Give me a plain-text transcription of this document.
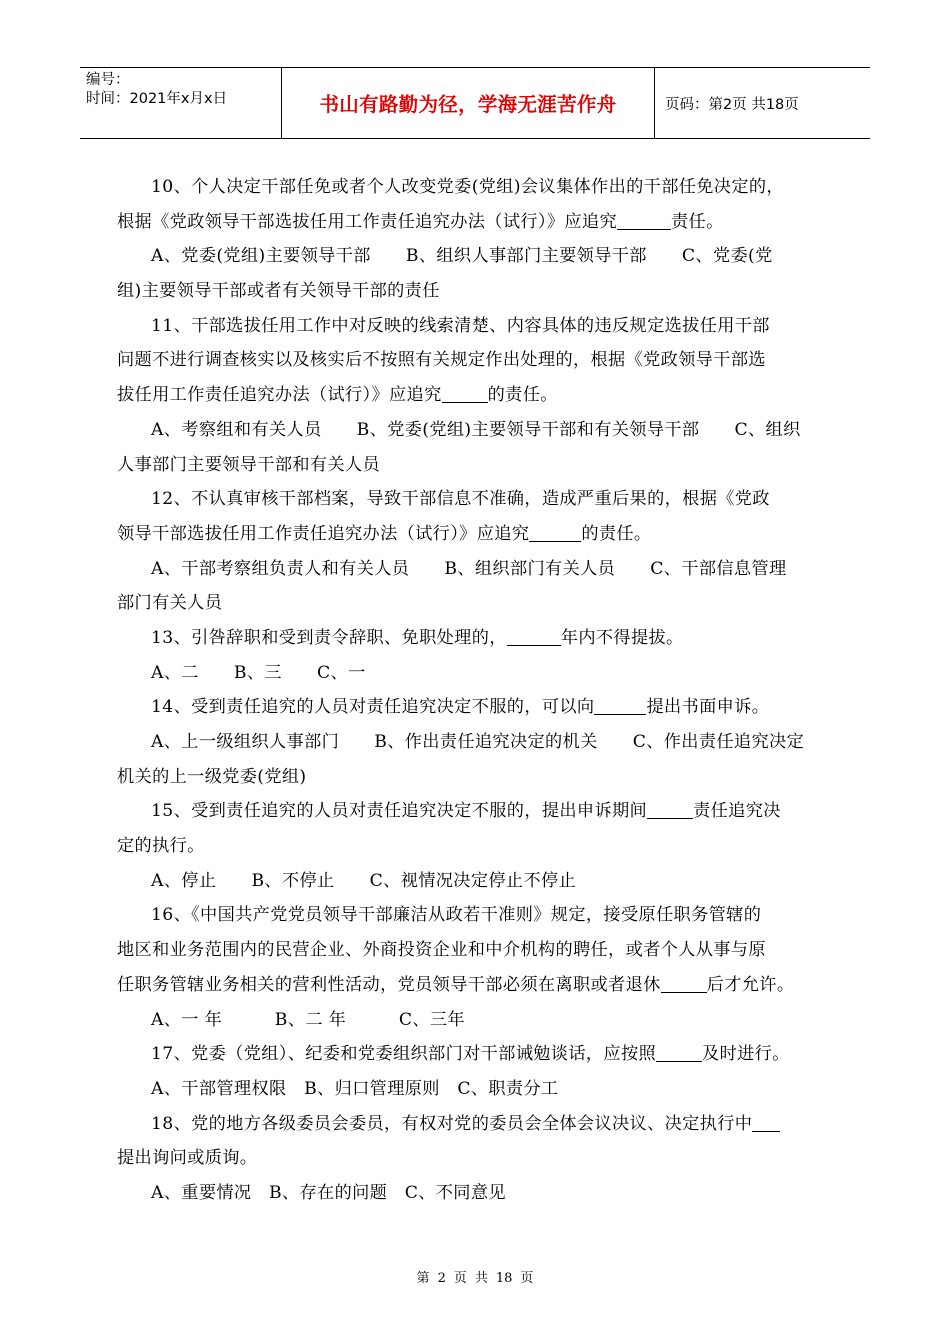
编号：
时间：2021年x月x日	书山有路勤为径，学海无涯苦作舟	页码：第2页 共18页
10、个人决定干部任免或者个人改变党委(党组)会议集体作出的干部任免决定的，
根据《党政领导干部选拔任用工作责任追究办法（试行）》应追究	责任。
A、党委(党组)主要领导干部　　B、组织人事部门主要领导干部　　C、党委(党
组)主要领导干部或者有关领导干部的责任
11、干部选拔任用工作中对反映的线索清楚、内容具体的违反规定选拔任用干部
问题不进行调查核实以及核实后不按照有关规定作出处理的，根据《党政领导干部选
拔任用工作责任追究办法（试行）》应追究	的责任。
A、考察组和有关人员　　B、党委(党组)主要领导干部和有关领导干部　　C、组织
人事部门主要领导干部和有关人员
12、不认真审核干部档案，导致干部信息不准确，造成严重后果的，根据《党政
领导干部选拔任用工作责任追究办法（试行）》应追究	的责任。
A、干部考察组负责人和有关人员　　B、组织部门有关人员　　C、干部信息管理
部门有关人员
13、引咎辞职和受到责令辞职、免职处理的，	年内不得提拔。
A、二　　B、三　　C、一
14、受到责任追究的人员对责任追究决定不服的，可以向	提出书面申诉。
A、上一级组织人事部门　　B、作出责任追究决定的机关　　C、作出责任追究决定
机关的上一级党委(党组)
15、受到责任追究的人员对责任追究决定不服的，提出申诉期间	责任追究决
定的执行。
A、停止　　B、不停止　　C、视情况决定停止不停止
16、《中国共产党党员领导干部廉洁从政若干准则》规定，接受原任职务管辖的
地区和业务范围内的民营企业、外商投资企业和中介机构的聘任，或者个人从事与原
任职务管辖业务相关的营利性活动，党员领导干部必须在离职或者退休	后才允许。
A、一 年　　　B、二 年　　　C、三年
17、党委（党组）、纪委和党委组织部门对干部诫勉谈话，应按照	及时进行。
A、干部管理权限　B、归口管理原则　C、职责分工
18、党的地方各级委员会委员，有权对党的委员会全体会议决议、决定执行中
提出询问或质询。
A、重要情况　B、存在的问题　C、不同意见
第 2 页 共 18 页
